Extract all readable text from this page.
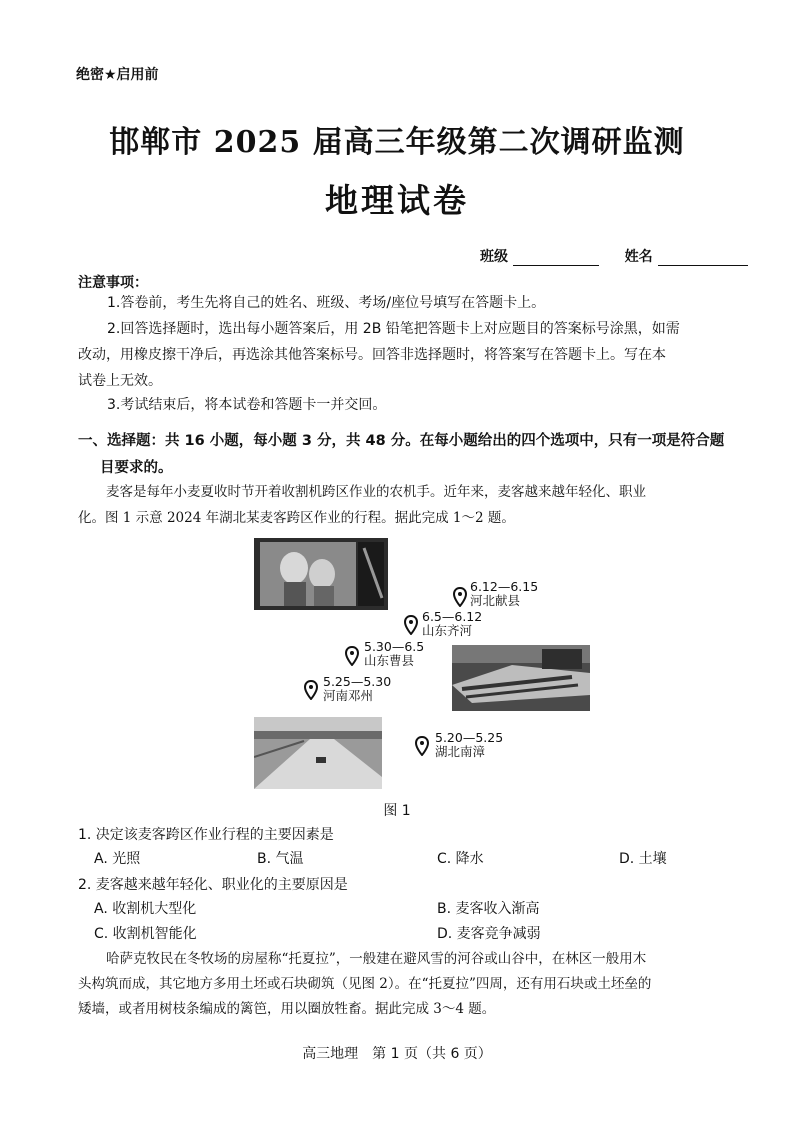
绝密★启用前
邯郸市 2025 届高三年级第二次调研监测
地理试卷
班级	姓名
注意事项：
1.答卷前，考生先将自己的姓名、班级、考场/座位号填写在答题卡上。
2.回答选择题时，选出每小题答案后，用 2B 铅笔把答题卡上对应题目的答案标号涂黑，如需
改动，用橡皮擦干净后，再选涂其他答案标号。回答非选择题时，将答案写在答题卡上。写在本
试卷上无效。
3.考试结束后，将本试卷和答题卡一并交回。
一、选择题：共 16 小题，每小题 3 分，共 48 分。在每小题给出的四个选项中，只有一项是符合题
目要求的。
麦客是每年小麦夏收时节开着收割机跨区作业的农机手。近年来，麦客越来越年轻化、职业
化。图 1 示意 2024 年湖北某麦客跨区作业的行程。据此完成 1～2 题。
6.12—6.15
河北献县
6.5—6.12
山东齐河
5.30—6.5
山东曹县
5.25—5.30
河南邓州
5.20—5.25
湖北南漳
图 1
1. 决定该麦客跨区作业行程的主要因素是
A. 光照	B. 气温	C. 降水	D. 土壤
2. 麦客越来越年轻化、职业化的主要原因是
A. 收割机大型化	B. 麦客收入渐高
C. 收割机智能化	D. 麦客竞争减弱
哈萨克牧民在冬牧场的房屋称“托夏拉”，一般建在避风雪的河谷或山谷中，在林区一般用木
头构筑而成，其它地方多用土坯或石块砌筑（见图 2）。在“托夏拉”四周，还有用石块或土坯垒的
矮墙，或者用树枝条编成的篱笆，用以圈放牲畜。据此完成 3～4 题。
高三地理　第 1 页（共 6 页）
